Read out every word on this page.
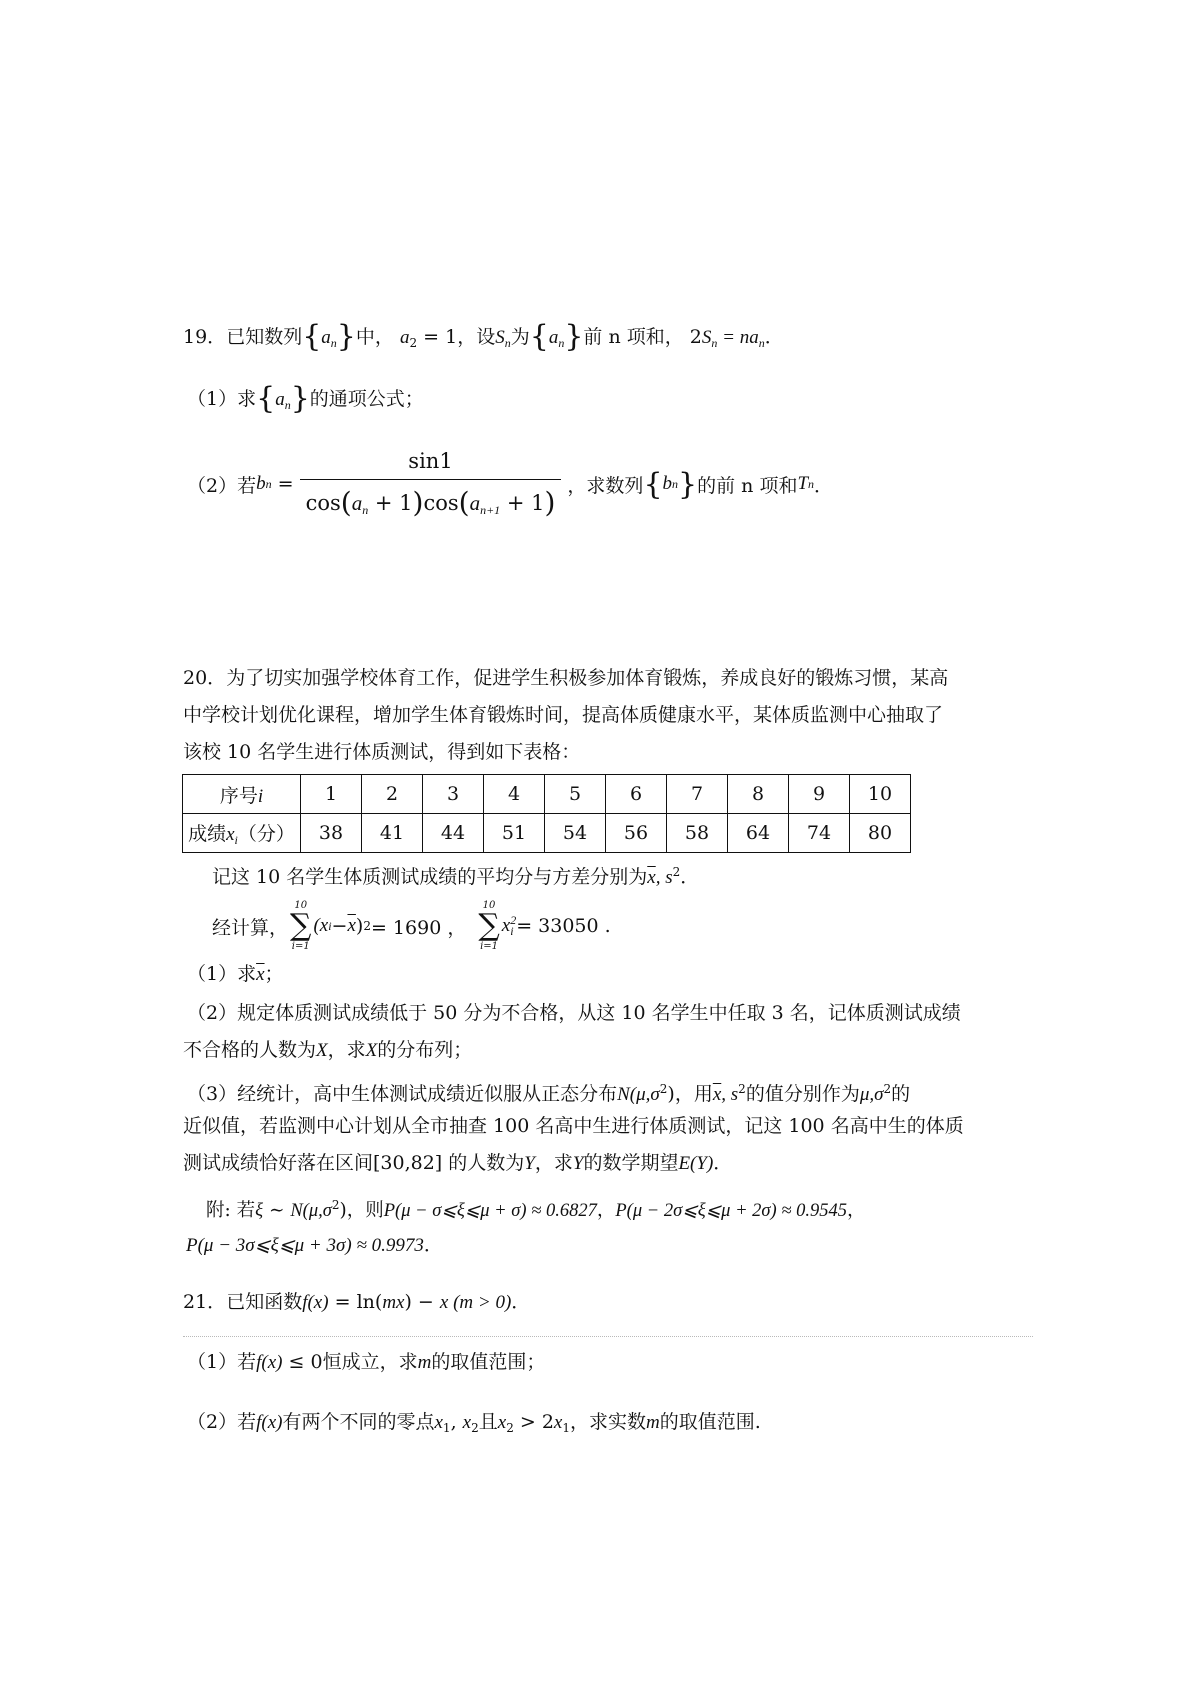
19．已知数列$\{a_n\}$中， $a_2 = 1$，设$S_n$为$\{a_n\}$前 n 项和， $2S_n = na_n$．
（1）求$\{a_n\}$的通项公式；
（2）若 b $n = \frac{\sin 1}{\cos(a_n + 1)\cos(a_{n+1} + 1)}$ ，求数列 { b n } 的前 n 项和 T n ．
20．为了切实加强学校体育工作，促进学生积极参加体育锻炼，养成良好的锻炼习惯，某高
中学校计划优化课程，增加学生体育锻炼时间，提高体质健康水平，某体质监测中心抽取了
该校 10 名学生进行体质测试，得到如下表格：
序号i	1	2	3	4	5	6	7	8	9	10
成绩$x_i$（分）	38	41	44	51	54	56	58	64	74	80
记这 10 名学生体质测试成绩的平均分与方差分别为$\overline{x}$, $s^2$．
经计算，
10
∑
i=1
(x $i - \overline{x}$ ) 2 = 1690 ，
10
∑
i=1
x 2
i = 33050 .
（1）求$\overline{x}$；
（2）规定体质测试成绩低于 50 分为不合格，从这 10 名学生中任取 3 名，记体质测试成绩
不合格的人数为X，求X的分布列；
（3）经统计，高中生体测试成绩近似服从正态分布$N(\mu,\sigma^2)$，用$\overline{x}$, $s^2$的值分别作为$\mu,\sigma^2$的
近似值，若监测中心计划从全市抽查 100 名高中生进行体质测试，记这 100 名高中生的体质
测试成绩恰好落在区间[30,82] 的人数为Y，求Y的数学期望E(Y)．
附: 若ξ ∼ $N(\mu,\sigma^2)$，则P(μ − σ⩽ξ⩽μ + σ) ≈ 0.6827，P(μ − 2σ⩽ξ⩽μ + 2σ) ≈ 0.9545，
P(μ − 3σ⩽ξ⩽μ + 3σ) ≈ 0.9973．
21．已知函数f(x) = ln(mx) − x (m > 0)．
（1）若f(x) ≤ 0恒成立，求m的取值范围；
（2）若f(x)有两个不同的零点$x_1$, $x_2$且$x_2 > 2x_1$，求实数m的取值范围.
